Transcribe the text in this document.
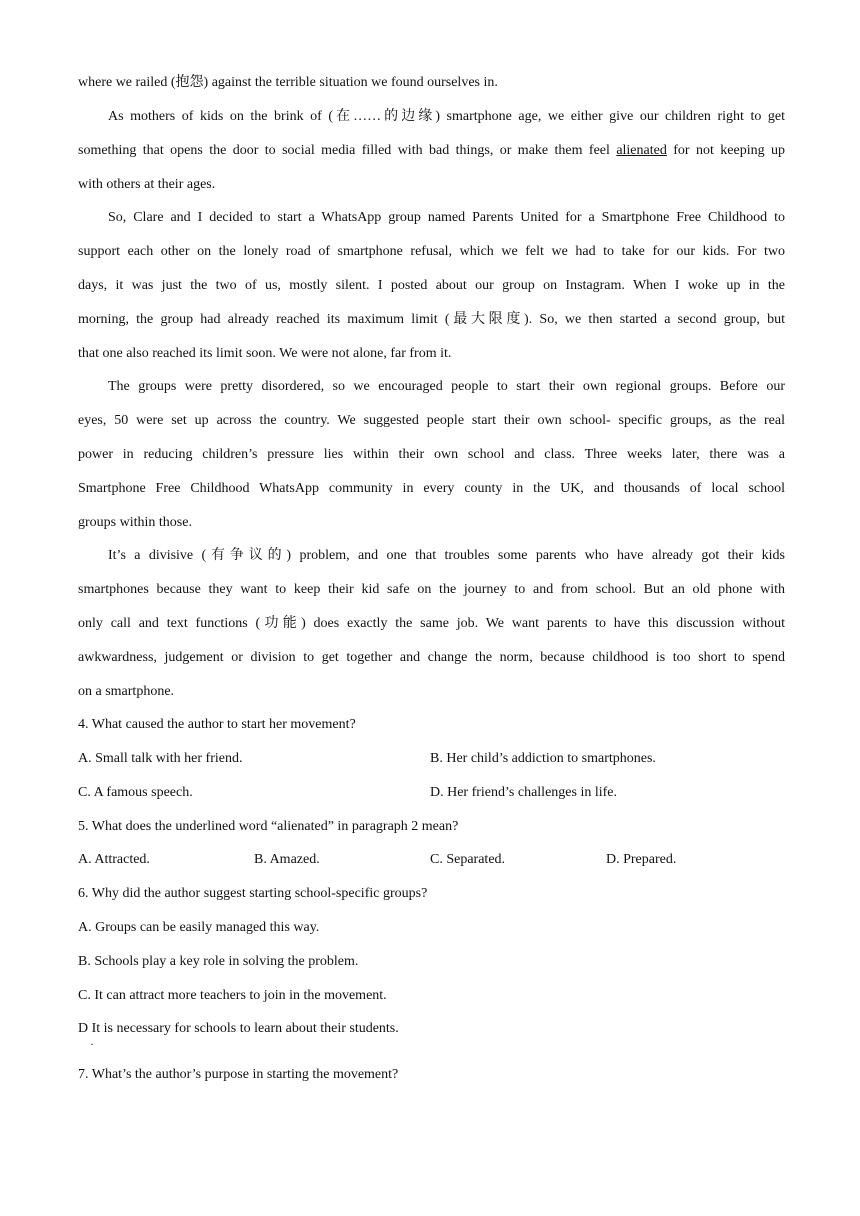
where we railed (抱怨) against the terrible situation we found ourselves in.
As mothers of kids on the brink of (在……的边缘) smartphone age, we either give our children right to get
something that opens the door to social media filled with bad things, or make them feel alienated for not keeping up
with others at their ages.
So, Clare and I decided to start a WhatsApp group named Parents United for a Smartphone Free Childhood to
support each other on the lonely road of smartphone refusal, which we felt we had to take for our kids. For two
days, it was just the two of us, mostly silent. I posted about our group on Instagram. When I woke up in the
morning, the group had already reached its maximum limit (最大限度). So, we then started a second group, but
that one also reached its limit soon. We were not alone, far from it.
The groups were pretty disordered, so we encouraged people to start their own regional groups. Before our
eyes, 50 were set up across the country. We suggested people start their own school- specific groups, as the real
power in reducing children’s pressure lies within their own school and class. Three weeks later, there was a
Smartphone Free Childhood WhatsApp community in every county in the UK, and thousands of local school
groups within those.
It’s a divisive (有争议的) problem, and one that troubles some parents who have already got their kids
smartphones because they want to keep their kid safe on the journey to and from school. But an old phone with
only call and text functions (功能) does exactly the same job. We want parents to have this discussion without
awkwardness, judgement or division to get together and change the norm, because childhood is too short to spend
on a smartphone.
4. What caused the author to start her movement?
A. Small talk with her friend.	B. Her child’s addiction to smartphones.
C. A famous speech.	D. Her friend’s challenges in life.
5. What does the underlined word “alienated” in paragraph 2 mean?
A. Attracted.	B. Amazed.	C. Separated.	D. Prepared.
6. Why did the author suggest starting school-specific groups?
A. Groups can be easily managed this way.
B. Schools play a key role in solving the problem.
C. It can attract more teachers to join in the movement.
D It is necessary for schools to learn about their students.
·
7. What’s the author’s purpose in starting the movement?
